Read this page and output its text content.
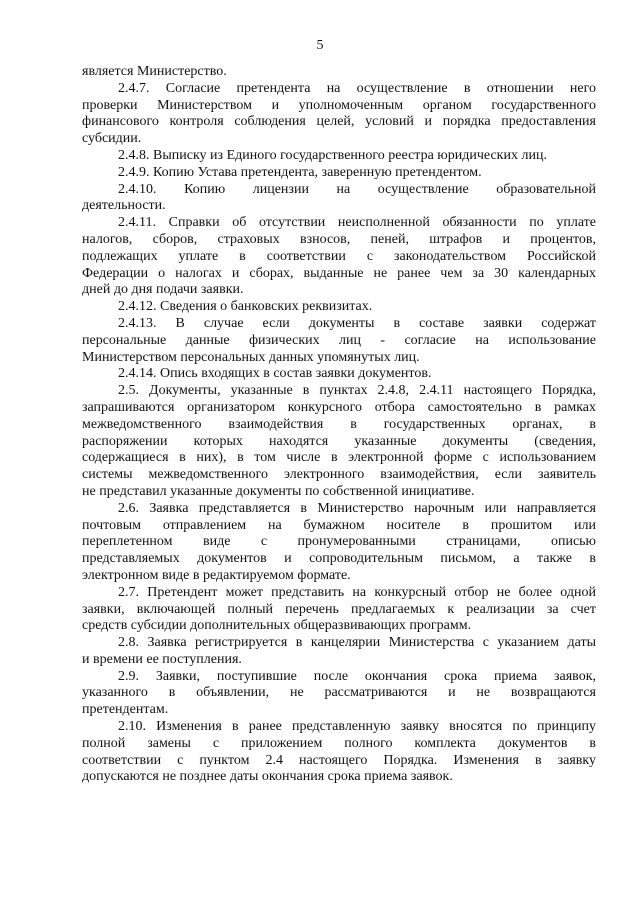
5
является Министерство.
2.4.7. Согласие претендента на осуществление в отношении него
проверки Министерством и уполномоченным органом государственного
финансового контроля соблюдения целей, условий и порядка предоставления
субсидии.
2.4.8. Выписку из Единого государственного реестра юридических лиц.
2.4.9. Копию Устава претендента, заверенную претендентом.
2.4.10. Копию лицензии на осуществление образовательной
деятельности.
2.4.11. Справки об отсутствии неисполненной обязанности по уплате
налогов, сборов, страховых взносов, пеней, штрафов и процентов,
подлежащих уплате в соответствии с законодательством Российской
Федерации о налогах и сборах, выданные не ранее чем за 30 календарных
дней до дня подачи заявки.
2.4.12. Сведения о банковских реквизитах.
2.4.13. В случае если документы в составе заявки содержат
персональные данные физических лиц - согласие на использование
Министерством персональных данных упомянутых лиц.
2.4.14. Опись входящих в состав заявки документов.
2.5. Документы, указанные в пунктах 2.4.8, 2.4.11 настоящего Порядка,
запрашиваются организатором конкурсного отбора самостоятельно в рамках
межведомственного взаимодействия в государственных органах, в
распоряжении которых находятся указанные документы (сведения,
содержащиеся в них), в том числе в электронной форме с использованием
системы межведомственного электронного взаимодействия, если заявитель
не представил указанные документы по собственной инициативе.
2.6. Заявка представляется в Министерство нарочным или направляется
почтовым отправлением на бумажном носителе в прошитом или
переплетенном виде с пронумерованными страницами, описью
представляемых документов и сопроводительным письмом, а также в
электронном виде в редактируемом формате.
2.7. Претендент может представить на конкурсный отбор не более одной
заявки, включающей полный перечень предлагаемых к реализации за счет
средств субсидии дополнительных общеразвивающих программ.
2.8. Заявка регистрируется в канцелярии Министерства с указанием даты
и времени ее поступления.
2.9. Заявки, поступившие после окончания срока приема заявок,
указанного в объявлении, не рассматриваются и не возвращаются
претендентам.
2.10. Изменения в ранее представленную заявку вносятся по принципу
полной замены с приложением полного комплекта документов в
соответствии с пунктом 2.4 настоящего Порядка. Изменения в заявку
допускаются не позднее даты окончания срока приема заявок.
